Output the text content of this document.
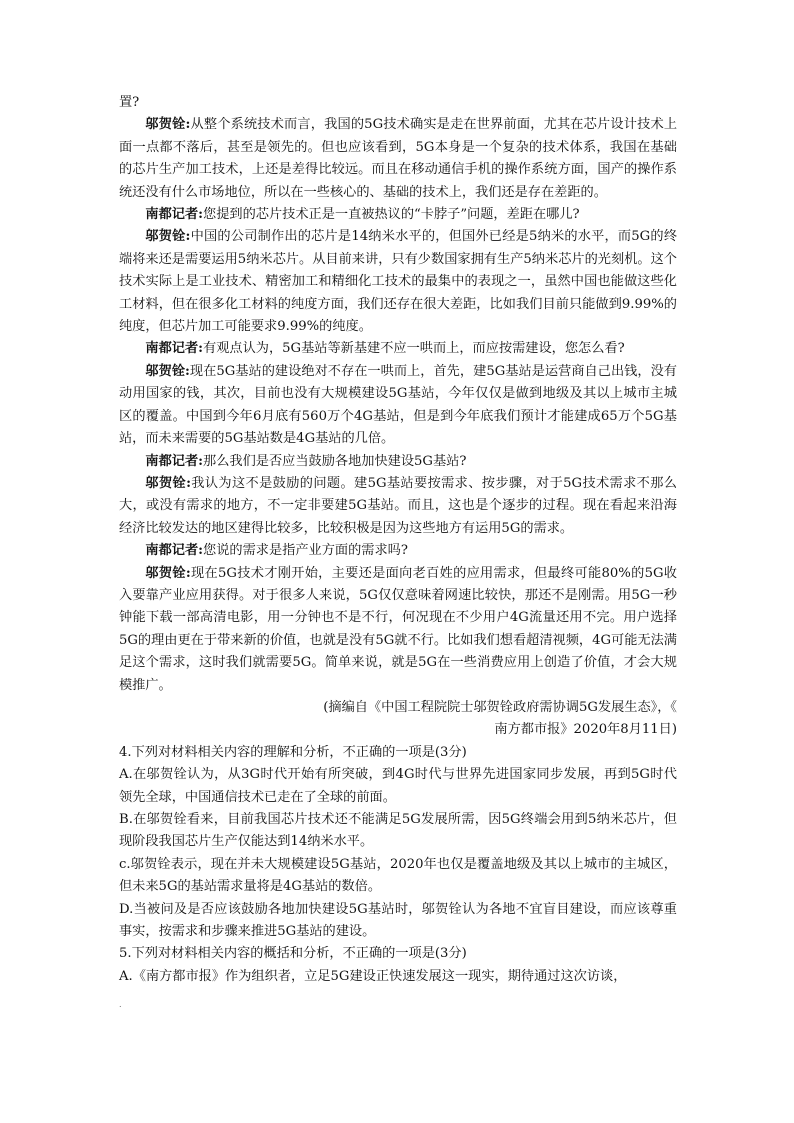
置?

邬贺铨:从整个系统技术而言，我国的5G技术确实是走在世界前面，尤其在芯片设计技术上面一点都不落后，甚至是领先的。但也应该看到，5G本身是一个复杂的技术体系，我国在基础的芯片生产加工技术，上还是差得比较远。而且在移动通信手机的操作系统方面，国产的操作系统还没有什么市场地位，所以在一些核心的、基础的技术上，我们还是存在差距的。

南都记者:您提到的芯片技术正是一直被热议的“卡脖子”问题，差距在哪儿?

邬贺铨:中国的公司制作出的芯片是14纳米水平的，但国外已经是5纳米的水平，而5G的终端将来还是需要运用5纳米芯片。从目前来讲，只有少数国家拥有生产5纳米芯片的光刻机。这个技术实际上是工业技术、精密加工和精细化工技术的最集中的表现之一，虽然中国也能做这些化工材料，但在很多化工材料的纯度方面，我们还存在很大差距，比如我们目前只能做到9.99%的纯度，但芯片加工可能要求9.99%的纯度。

南都记者:有观点认为，5G基站等新基建不应一哄而上，而应按需建设，您怎么看?

邬贺铨:现在5G基站的建设绝对不存在一哄而上，首先，建5G基站是运营商自己出钱，没有动用国家的钱，其次，目前也没有大规模建设5G基站，今年仅仅是做到地级及其以上城市主城区的覆盖。中国到今年6月底有560万个4G基站，但是到今年底我们预计才能建成65万个5G基站，而未来需要的5G基站数是4G基站的几倍。

南都记者:那么我们是否应当鼓励各地加快建设5G基站?

邬贺铨:我认为这不是鼓励的问题。建5G基站要按需求、按步骤，对于5G技术需求不那么大，或没有需求的地方，不一定非要建5G基站。而且，这也是个逐步的过程。现在看起来沿海经济比较发达的地区建得比较多，比较积极是因为这些地方有运用5G的需求。

南都记者:您说的需求是指产业方面的需求吗?

邬贺铨:现在5G技术才刚开始，主要还是面向老百姓的应用需求，但最终可能80%的5G收入要靠产业应用获得。对于很多人来说，5G仅仅意味着网速比较快，那还不是刚需。用5G一秒钟能下载一部高清电影，用一分钟也不是不行，何况现在不少用户4G流量还用不完。用户选择5G的理由更在于带来新的价值，也就是没有5G就不行。比如我们想看超清视频，4G可能无法满足这个需求，这时我们就需要5G。简单来说，就是5G在一些消费应用上创造了价值，才会大规模推广。

(摘编自《中国工程院院士邬贺铨政府需协调5G发展生态》，《

南方都市报》2020年8月11日)

4.下列对材料相关内容的理解和分析，不正确的一项是(3分)

A.在邬贺铨认为，从3G时代开始有所突破，到4G时代与世界先进国家同步发展，再到5G时代领先全球，中国通信技术已走在了全球的前面。

B.在邬贺铨看来，目前我国芯片技术还不能满足5G发展所需，因5G终端会用到5纳米芯片，但现阶段我国芯片生产仅能达到14纳米水平。

c.邬贺铨表示，现在并未大规模建设5G基站，2020年也仅是覆盖地级及其以上城市的主城区，但未来5G的基站需求量将是4G基站的数倍。

D.当被问及是否应该鼓励各地加快建设5G基站时，邬贺铨认为各地不宜盲目建设，而应该尊重事实，按需求和步骤来推进5G基站的建设。

5.下列对材料相关内容的概括和分析，不正确的一项是(3分)

A.《南方都市报》作为组织者，立足5G建设正快速发展这一现实，期待通过这次访谈，

.
